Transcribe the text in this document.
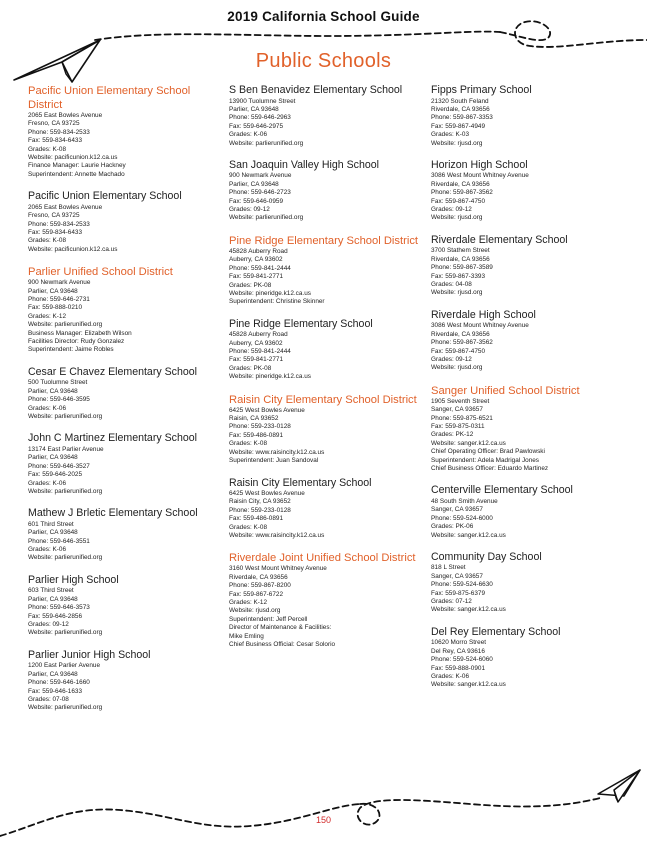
2019 California School Guide
Public Schools
Pacific Union Elementary School District
2065 East Bowles Avenue
Fresno, CA 93725
Phone: 559-834-2533
Fax: 559-834-6433
Grades: K-08
Website: pacificunion.k12.ca.us
Finance Manager: Laurie Hackney
Superintendent: Annette Machado
Pacific Union Elementary School
2065 East Bowles Avenue
Fresno, CA 93725
Phone: 559-834-2533
Fax: 559-834-6433
Grades: K-08
Website: pacificunion.k12.ca.us
Parlier Unified School District
900 Newmark Avenue
Parlier, CA 93648
Phone: 559-646-2731
Fax: 559-888-0210
Grades: K-12
Website: parlierunified.org
Business Manager: Elizabeth Wilson
Facilities Director: Rudy Gonzalez
Superintendent: Jaime Robles
Cesar E Chavez Elementary School
500 Tuolumne Street
Parlier, CA 93648
Phone: 559-646-3595
Grades: K-06
Website: parlierunified.org
John C Martinez Elementary School
13174 East Parlier Avenue
Parlier, CA 93648
Phone: 559-646-3527
Fax: 559-646-2025
Grades: K-06
Website: parlierunified.org
Mathew J Brletic Elementary School
601 Third Street
Parlier, CA 93648
Phone: 559-646-3551
Grades: K-06
Website: parlierunified.org
Parlier High School
603 Third Street
Parlier, CA 93648
Phone: 559-646-3573
Fax: 559-646-2856
Grades: 09-12
Website: parlierunified.org
Parlier Junior High School
1200 East Parlier Avenue
Parlier, CA 93648
Phone: 559-646-1660
Fax: 559-646-1633
Grades: 07-08
Website: parlierunified.org
S Ben Benavidez Elementary School
13900 Tuolumne Street
Parlier, CA 93648
Phone: 559-646-2963
Fax: 559-646-2975
Grades: K-06
Website: parlierunified.org
San Joaquin Valley High School
900 Newmark Avenue
Parlier, CA 93648
Phone: 559-646-2723
Fax: 559-646-0959
Grades: 09-12
Website: parlierunified.org
Pine Ridge Elementary School District
45828 Auberry Road
Auberry, CA 93602
Phone: 559-841-2444
Fax: 559-841-2771
Grades: PK-08
Website: pineridge.k12.ca.us
Superintendent: Christine Skinner
Pine Ridge Elementary School
45828 Auberry Road
Auberry, CA 93602
Phone: 559-841-2444
Fax: 559-841-2771
Grades: PK-08
Website: pineridge.k12.ca.us
Raisin City Elementary School District
6425 West Bowles Avenue
Raisin, CA 93652
Phone: 559-233-0128
Fax: 559-486-0891
Grades: K-08
Website: www.raisincity.k12.ca.us
Superintendent: Juan Sandoval
Raisin City Elementary School
6425 West Bowles Avenue
Raisin City, CA 93652
Phone: 559-233-0128
Fax: 559-486-0891
Grades: K-08
Website: www.raisincity.k12.ca.us
Riverdale Joint Unified School District
3160 West Mount Whitney Avenue
Riverdale, CA 93656
Phone: 559-867-8200
Fax: 559-867-6722
Grades: K-12
Website: rjusd.org
Superintendent: Jeff Percell
Director of Maintenance & Facilities:
Mike Emling
Chief Business Official: Cesar Solorio
Fipps Primary School
21320 South Feland
Riverdale, CA 93656
Phone: 559-867-3353
Fax: 559-867-4949
Grades: K-03
Website: rjusd.org
Horizon High School
3086 West Mount Whitney Avenue
Riverdale, CA 93656
Phone: 559-867-3562
Fax: 559-867-4750
Grades: 09-12
Website: rjusd.org
Riverdale Elementary School
3700 Stathem Street
Riverdale, CA 93656
Phone: 559-867-3589
Fax: 559-867-3393
Grades: 04-08
Website: rjusd.org
Riverdale High School
3086 West Mount Whitney Avenue
Riverdale, CA 93656
Phone: 559-867-3562
Fax: 559-867-4750
Grades: 09-12
Website: rjusd.org
Sanger Unified School District
1905 Seventh Street
Sanger, CA 93657
Phone: 559-875-6521
Fax: 559-875-0311
Grades: PK-12
Website: sanger.k12.ca.us
Chief Operating Officer: Brad Pawlowski
Superintendent: Adela Madrigal Jones
Chief Business Officer: Eduardo Martinez
Centerville Elementary School
48 South Smith Avenue
Sanger, CA 93657
Phone: 559-524-6000
Grades: PK-06
Website: sanger.k12.ca.us
Community Day School
818 L Street
Sanger, CA 93657
Phone: 559-524-6630
Fax: 559-875-6379
Grades: 07-12
Website: sanger.k12.ca.us
Del Rey Elementary School
10620 Morro Street
Del Rey, CA 93616
Phone: 559-524-6060
Fax: 559-888-0901
Grades: K-06
Website: sanger.k12.ca.us
150
